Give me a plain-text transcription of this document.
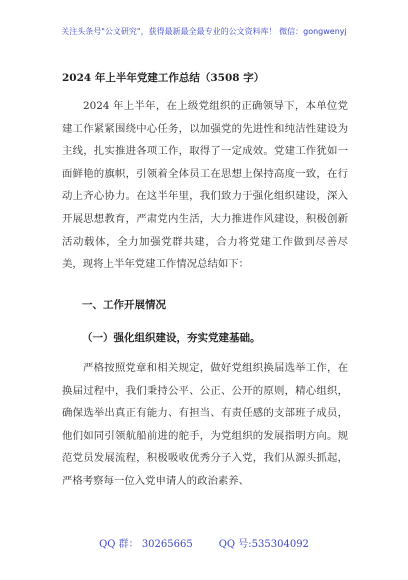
关注头条号"公文研究"，获得最新最全最专业的公文资料库！ 微信：gongwenyj
2024 年上半年党建工作总结（3508 字）

2024 年上半年，在上级党组织的正确领导下，本单位党建工作紧紧围绕中心任务，以加强党的先进性和纯洁性建设为主线，扎实推进各项工作，取得了一定成效。党建工作犹如一面鲜艳的旗帜，引领着全体员工在思想上保持高度一致，在行动上齐心协力。在这半年里，我们致力于强化组织建设，深入开展思想教育，严肃党内生活，大力推进作风建设，积极创新活动载体，全力加强党群共建，合力将党建工作做到尽善尽美，现将上半年党建工作情况总结如下：

一、工作开展情况
（一）强化组织建设，夯实党建基础。

严格按照党章和相关规定，做好党组织换届选举工作，在换届过程中，我们秉持公平、公正、公开的原则，精心组织，确保选举出真正有能力、有担当、有责任感的支部班子成员，他们如同引领航船前进的舵手，为党组织的发展指明方向。规范党员发展流程，积极吸收优秀分子入党，我们从源头抓起，严格考察每一位入党申请人的政治素养、

QQ 群： 30265665	QQ 号:535304092
